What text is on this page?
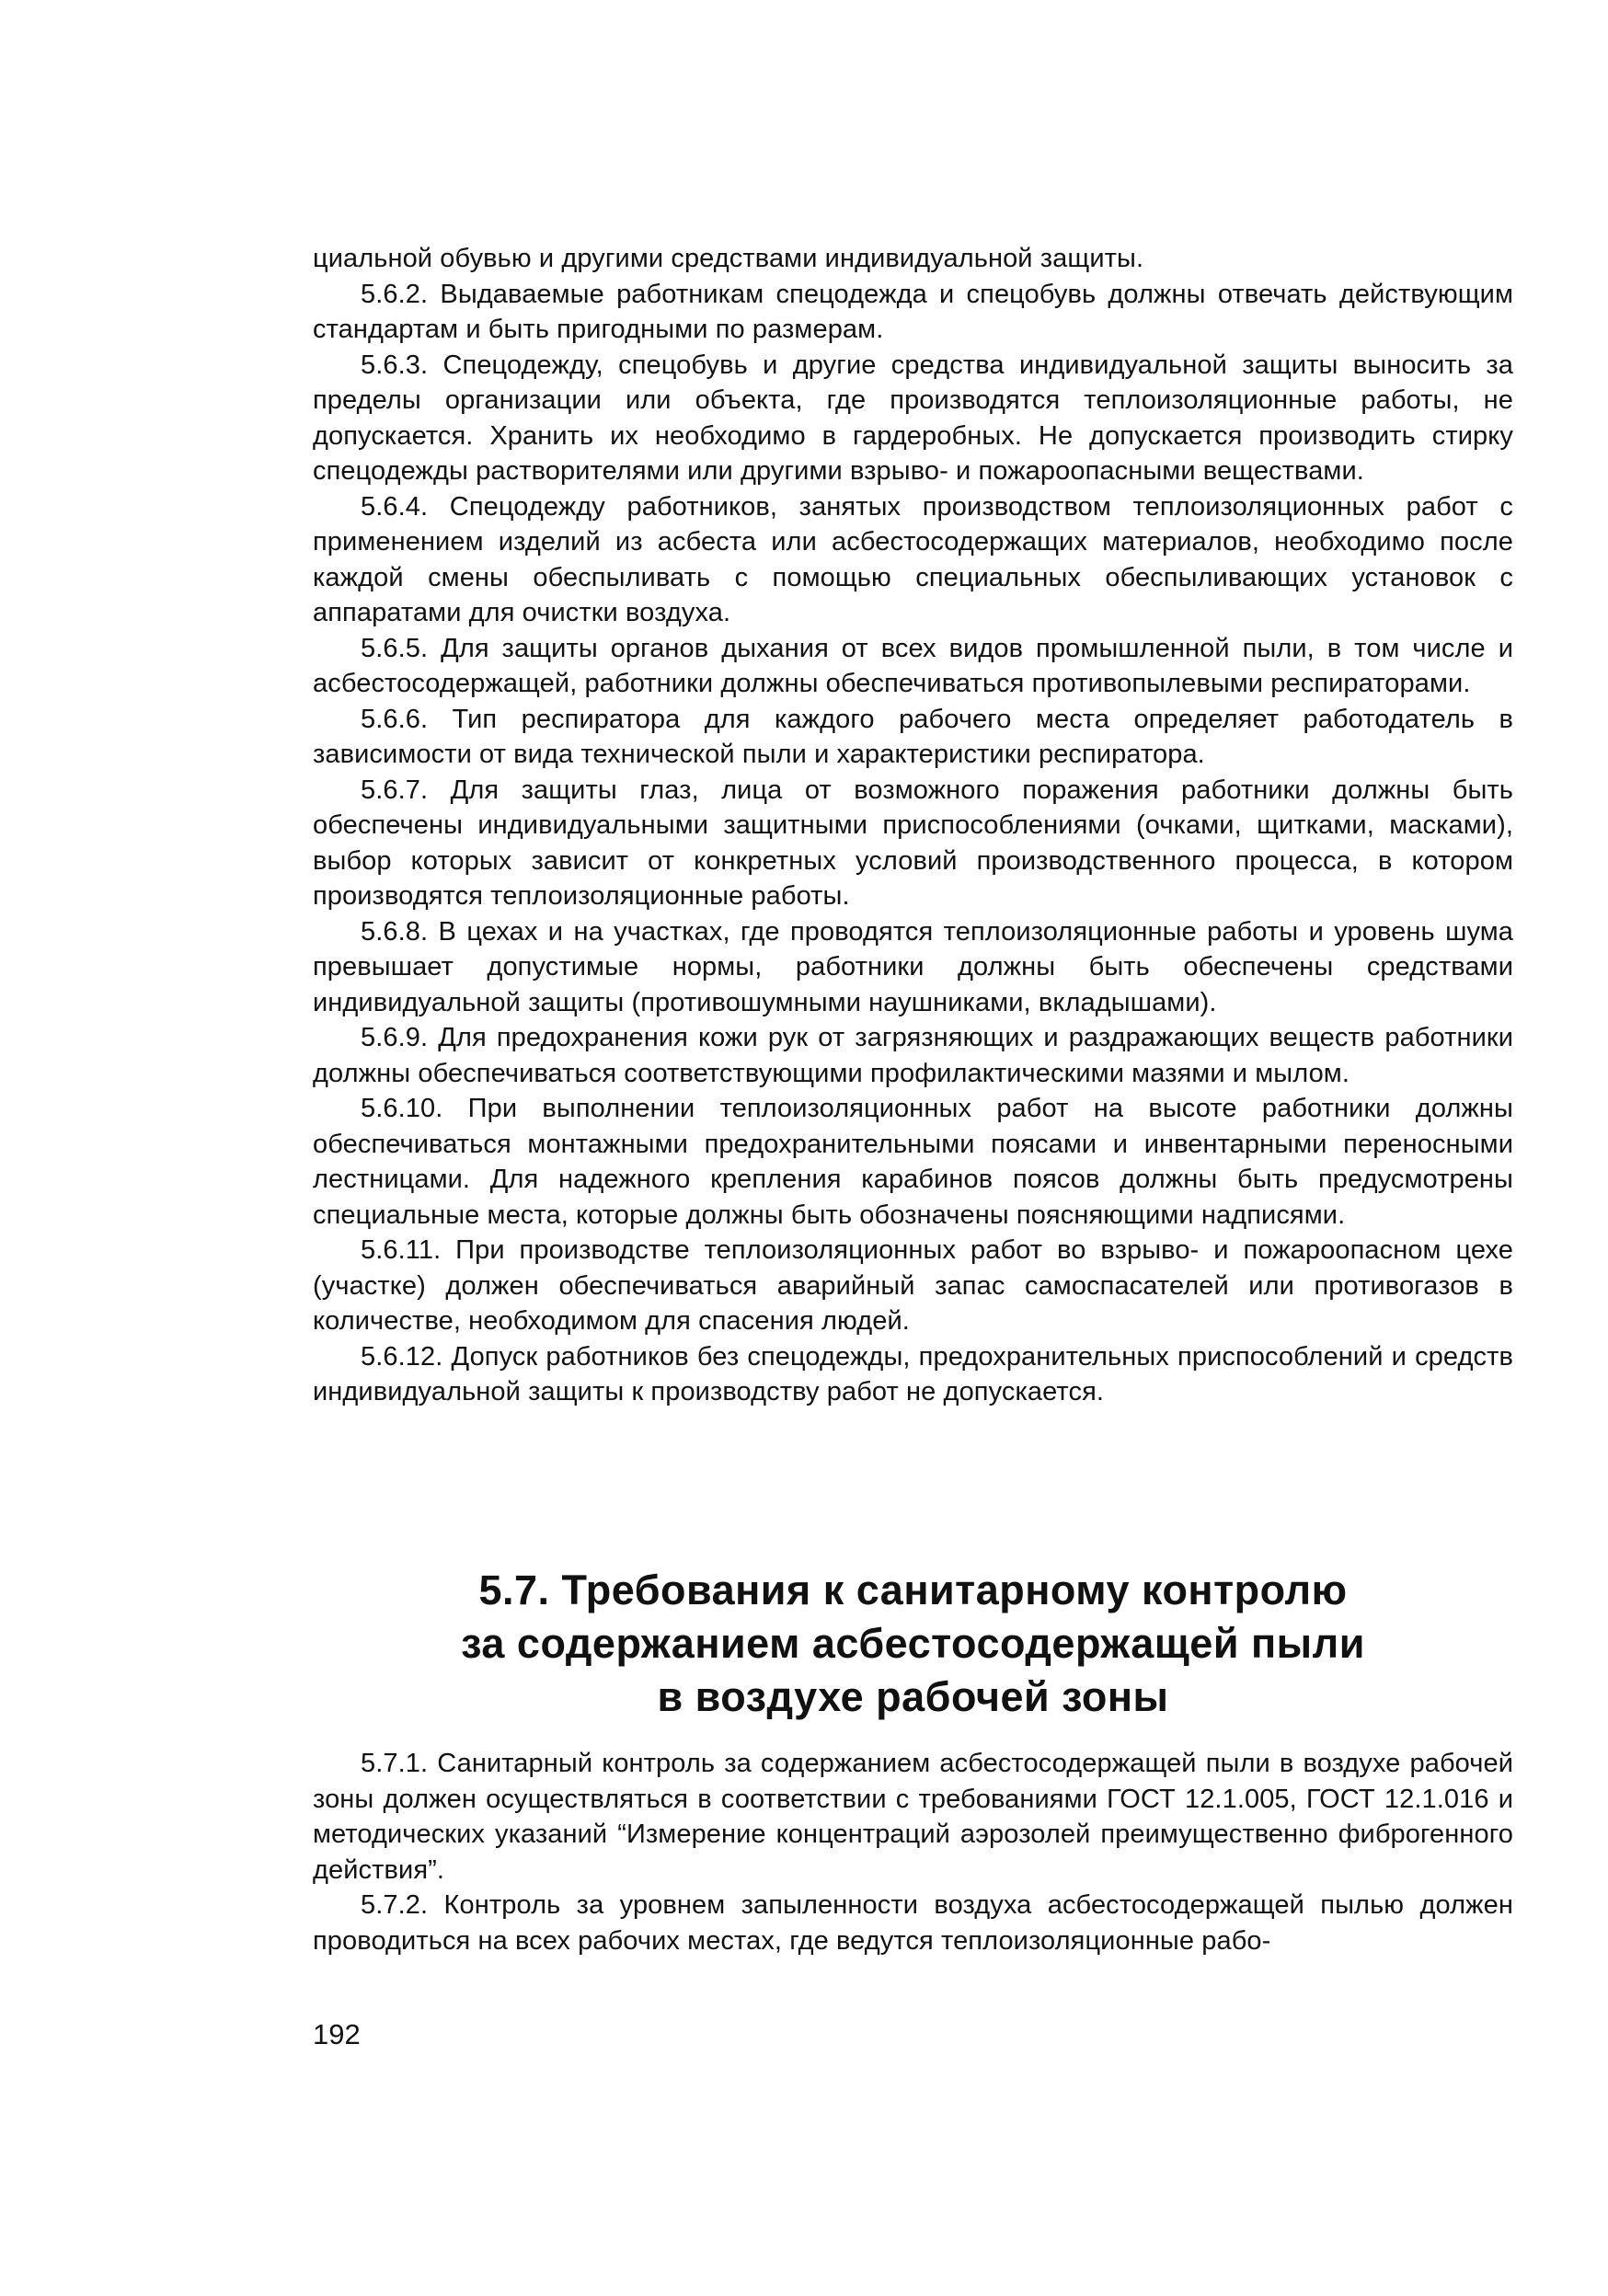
циальной обувью и другими средствами индивидуальной защиты.

5.6.2. Выдаваемые работникам спецодежда и спецобувь должны отвечать действующим стандартам и быть пригодными по размерам.

5.6.3. Спецодежду, спецобувь и другие средства индивидуальной защиты выносить за пределы организации или объекта, где производятся теплоизоляционные работы, не допускается. Хранить их необходимо в гардеробных. Не допускается производить стирку спецодежды растворителями или другими взрыво- и пожароопасными веществами.

5.6.4. Спецодежду работников, занятых производством теплоизоляционных работ с применением изделий из асбеста или асбестосодержащих материалов, необходимо после каждой смены обеспыливать с помощью специальных обеспыливающих установок с аппаратами для очистки воздуха.

5.6.5. Для защиты органов дыхания от всех видов промышленной пыли, в том числе и асбестосодержащей, работники должны обеспечиваться противопылевыми респираторами.

5.6.6. Тип респиратора для каждого рабочего места определяет работодатель в зависимости от вида технической пыли и характеристики респиратора.

5.6.7. Для защиты глаз, лица от возможного поражения работники должны быть обеспечены индивидуальными защитными приспособлениями (очками, щитками, масками), выбор которых зависит от конкретных условий производственного процесса, в котором производятся теплоизоляционные работы.

5.6.8. В цехах и на участках, где проводятся теплоизоляционные работы и уровень шума превышает допустимые нормы, работники должны быть обеспечены средствами индивидуальной защиты (противошумными наушниками, вкладышами).

5.6.9. Для предохранения кожи рук от загрязняющих и раздражающих веществ работники должны обеспечиваться соответствующими профилактическими мазями и мылом.

5.6.10. При выполнении теплоизоляционных работ на высоте работники должны обеспечиваться монтажными предохранительными поясами и инвентарными переносными лестницами. Для надежного крепления карабинов поясов должны быть предусмотрены специальные места, которые должны быть обозначены поясняющими надписями.

5.6.11. При производстве теплоизоляционных работ во взрыво- и пожароопасном цехе (участке) должен обеспечиваться аварийный запас самоспасателей или противогазов в количестве, необходимом для спасения людей.

5.6.12. Допуск работников без спецодежды, предохранительных приспособлений и средств индивидуальной защиты к производству работ не допускается.

5.7. Требования к санитарному контролю
за содержанием асбестосодержащей пыли
в воздухе рабочей зоны

5.7.1. Санитарный контроль за содержанием асбестосодержащей пыли в воздухе рабочей зоны должен осуществляться в соответствии с требованиями ГОСТ 12.1.005, ГОСТ 12.1.016 и методических указаний “Измерение концентраций аэрозолей преимущественно фиброгенного действия”.

5.7.2. Контроль за уровнем запыленности воздуха асбестосодержащей пылью должен проводиться на всех рабочих местах, где ведутся теплоизоляционные рабо-

192
